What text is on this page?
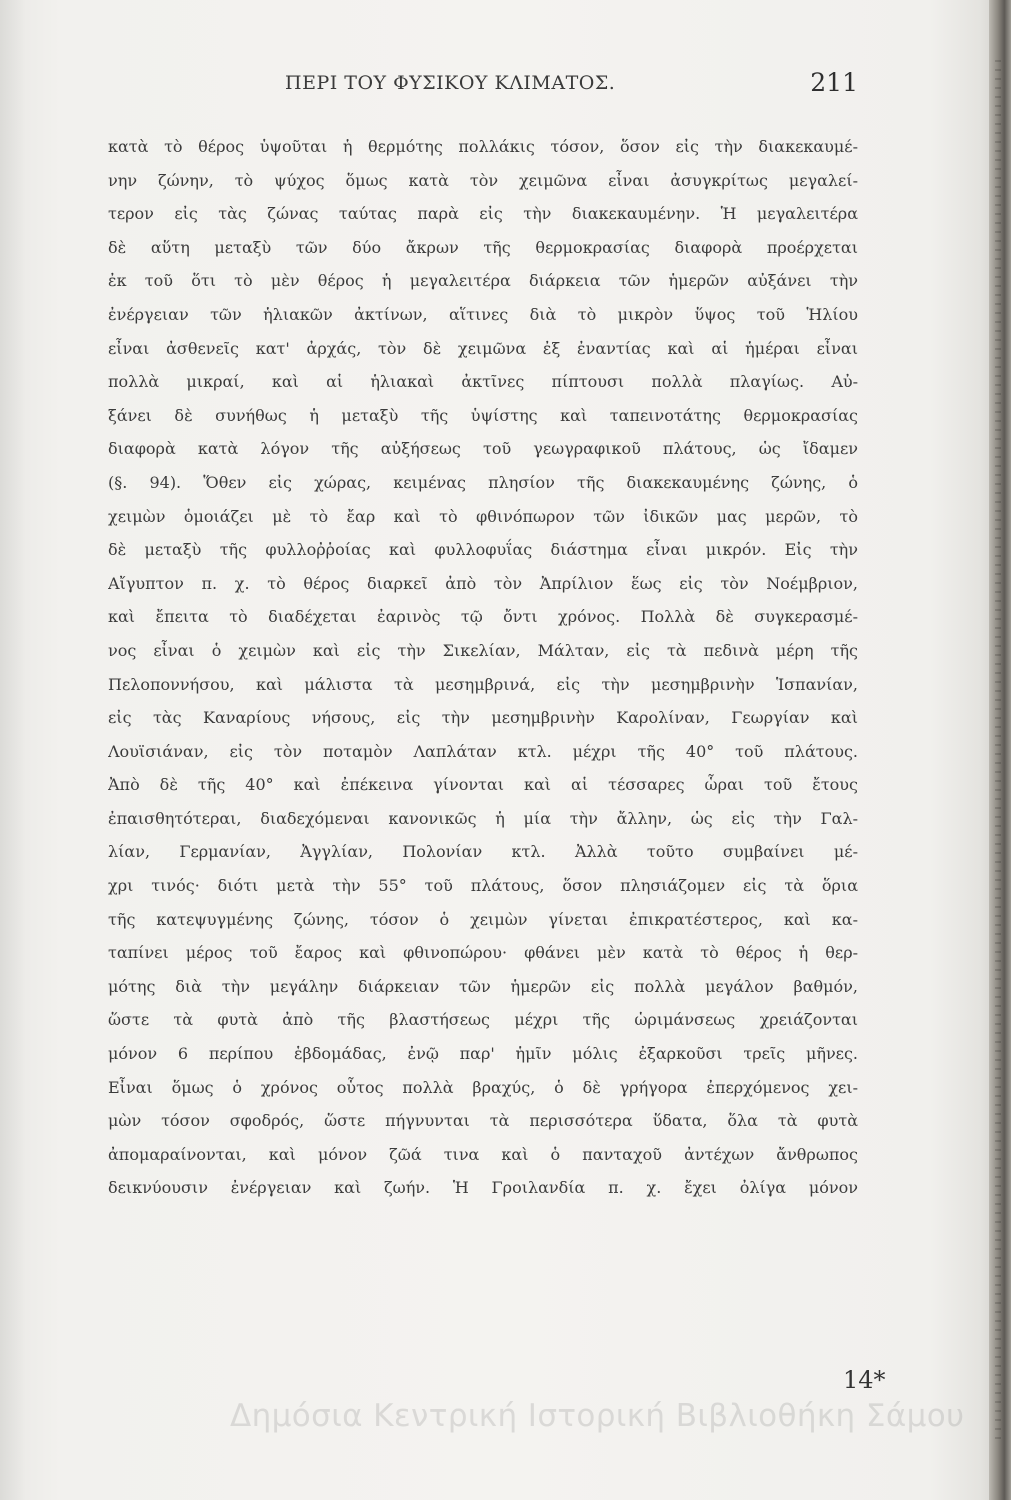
ΠΕΡΙ ΤΟΥ ΦΥΣΙΚΟΥ ΚΛΙΜΑΤΟΣ.	211
κατὰ τὸ θέρος ὑψοῦται ἡ θερμότης πολλάκις τόσον, ὅσον εἰς τὴν διακεκαυμέ-
νην ζώνην, τὸ ψύχος ὅμως κατὰ τὸν χειμῶνα εἶναι ἀσυγκρίτως μεγαλεί-
τερον εἰς τὰς ζώνας ταύτας παρὰ εἰς τὴν διακεκαυμένην. Ἡ μεγαλειτέρα
δὲ αὕτη μεταξὺ τῶν δύο ἄκρων τῆς θερμοκρασίας διαφορὰ προέρχεται
ἐκ τοῦ ὅτι τὸ μὲν θέρος ἡ μεγαλειτέρα διάρκεια τῶν ἡμερῶν αὐξάνει τὴν
ἐνέργειαν τῶν ἡλιακῶν ἀκτίνων, αἵτινες διὰ τὸ μικρὸν ὕψος τοῦ Ἡλίου
εἶναι ἀσθενεῖς κατ' ἀρχάς, τὸν δὲ χειμῶνα ἐξ ἐναντίας καὶ αἱ ἡμέραι εἶναι
πολλὰ μικραί, καὶ αἱ ἡλιακαὶ ἀκτῖνες πίπτουσι πολλὰ πλαγίως. Αὐ-
ξάνει δὲ συνήθως ἡ μεταξὺ τῆς ὑψίστης καὶ ταπεινοτάτης θερμοκρασίας
διαφορὰ κατὰ λόγον τῆς αὐξήσεως τοῦ γεωγραφικοῦ πλάτους, ὡς ἴδαμεν
(§. 94). Ὅθεν εἰς χώρας, κειμένας πλησίον τῆς διακεκαυμένης ζώνης, ὁ
χειμὼν ὁμοιάζει μὲ τὸ ἔαρ καὶ τὸ φθινόπωρον τῶν ἰδικῶν μας μερῶν, τὸ
δὲ μεταξὺ τῆς φυλλοῤῥοίας καὶ φυλλοφυΐας διάστημα εἶναι μικρόν. Εἰς τὴν
Αἴγυπτον π. χ. τὸ θέρος διαρκεῖ ἀπὸ τὸν Ἀπρίλιον ἕως εἰς τὸν Νοέμβριον,
καὶ ἔπειτα τὸ διαδέχεται ἐαρινὸς τῷ ὄντι χρόνος. Πολλὰ δὲ συγκερασμέ-
νος εἶναι ὁ χειμὼν καὶ εἰς τὴν Σικελίαν, Μάλταν, εἰς τὰ πεδινὰ μέρη τῆς
Πελοποννήσου, καὶ μάλιστα τὰ μεσημβρινά, εἰς τὴν μεσημβρινὴν Ἱσπανίαν,
εἰς τὰς Καναρίους νήσους, εἰς τὴν μεσημβρινὴν Καρολίναν, Γεωργίαν καὶ
Λουϊσιάναν, εἰς τὸν ποταμὸν Λαπλάταν κτλ. μέχρι τῆς 40° τοῦ πλάτους.
Ἀπὸ δὲ τῆς 40° καὶ ἐπέκεινα γίνονται καὶ αἱ τέσσαρες ὧραι τοῦ ἔτους
ἐπαισθητότεραι, διαδεχόμεναι κανονικῶς ἡ μία τὴν ἄλλην, ὡς εἰς τὴν Γαλ-
λίαν, Γερμανίαν, Ἀγγλίαν, Πολονίαν κτλ. Ἀλλὰ τοῦτο συμβαίνει μέ-
χρι τινός· διότι μετὰ τὴν 55° τοῦ πλάτους, ὅσον πλησιάζομεν εἰς τὰ ὅρια
τῆς κατεψυγμένης ζώνης, τόσον ὁ χειμὼν γίνεται ἐπικρατέστερος, καὶ κα-
ταπίνει μέρος τοῦ ἔαρος καὶ φθινοπώρου· φθάνει μὲν κατὰ τὸ θέρος ἡ θερ-
μότης διὰ τὴν μεγάλην διάρκειαν τῶν ἡμερῶν εἰς πολλὰ μεγάλον βαθμόν,
ὥστε τὰ φυτὰ ἀπὸ τῆς βλαστήσεως μέχρι τῆς ὡριμάνσεως χρειάζονται
μόνον 6 περίπου ἑβδομάδας, ἐνῷ παρ' ἡμῖν μόλις ἐξαρκοῦσι τρεῖς μῆνες.
Εἶναι ὅμως ὁ χρόνος οὗτος πολλὰ βραχύς, ὁ δὲ γρήγορα ἐπερχόμενος χει-
μὼν τόσον σφοδρός, ὥστε πήγνυνται τὰ περισσότερα ὕδατα, ὅλα τὰ φυτὰ
ἀπομαραίνονται, καὶ μόνον ζῶά τινα καὶ ὁ πανταχοῦ ἀντέχων ἄνθρωπος
δεικνύουσιν ἐνέργειαν καὶ ζωήν. Ἡ Γροιλανδία π. χ. ἔχει ὀλίγα μόνον
14*
Δημόσια Κεντρική Ιστορική Βιβλιοθήκη Σάμου
